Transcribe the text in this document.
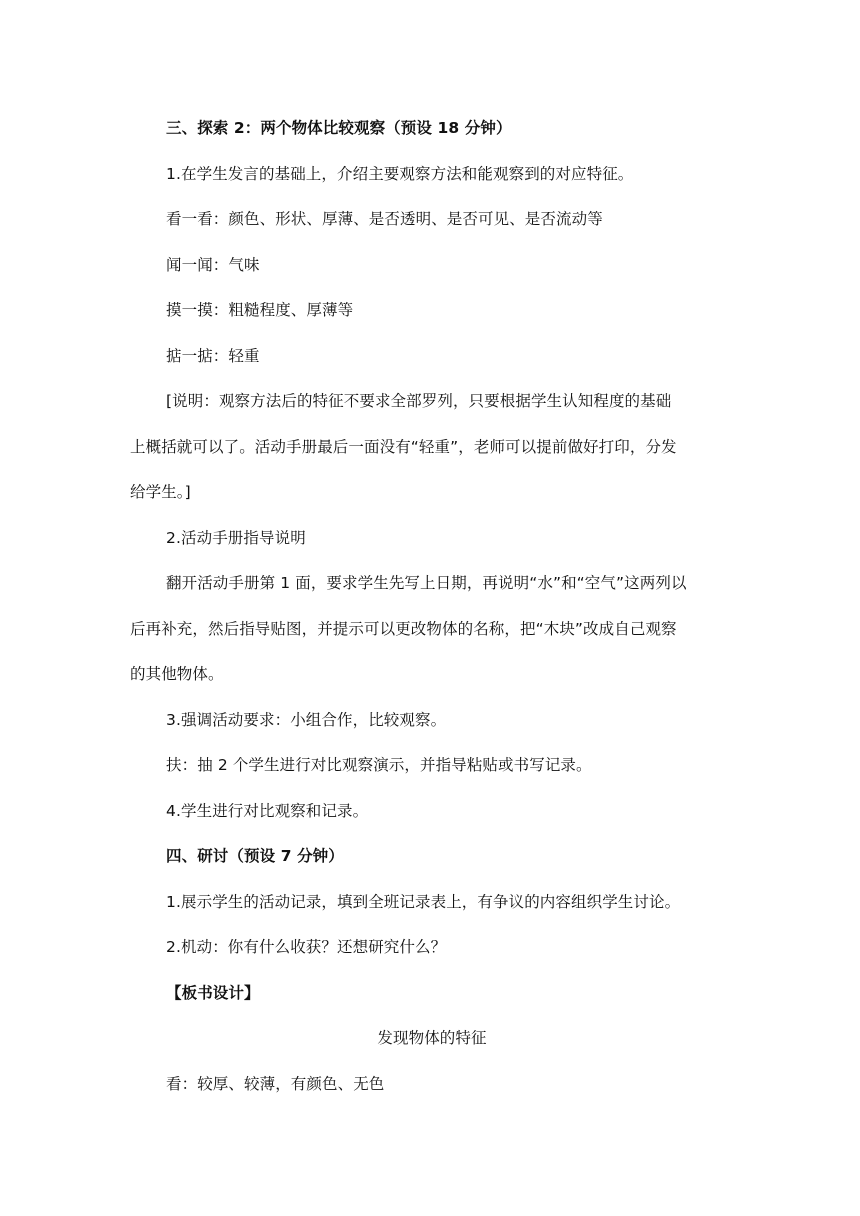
三、探索 2：两个物体比较观察（预设 18 分钟）
1.在学生发言的基础上，介绍主要观察方法和能观察到的对应特征。
看一看：颜色、形状、厚薄、是否透明、是否可见、是否流动等
闻一闻：气味
摸一摸：粗糙程度、厚薄等
掂一掂：轻重
[说明：观察方法后的特征不要求全部罗列，只要根据学生认知程度的基础
上概括就可以了。活动手册最后一面没有“轻重”，老师可以提前做好打印，分发
给学生。]
2.活动手册指导说明
翻开活动手册第 1 面，要求学生先写上日期，再说明“水”和“空气”这两列以
后再补充，然后指导贴图，并提示可以更改物体的名称，把“木块”改成自己观察
的其他物体。
3.强调活动要求：小组合作，比较观察。
扶：抽 2 个学生进行对比观察演示，并指导粘贴或书写记录。
4.学生进行对比观察和记录。
四、研讨（预设 7 分钟）
1.展示学生的活动记录，填到全班记录表上，有争议的内容组织学生讨论。
2.机动：你有什么收获？还想研究什么？
【板书设计】
发现物体的特征
看：较厚、较薄，有颜色、无色
